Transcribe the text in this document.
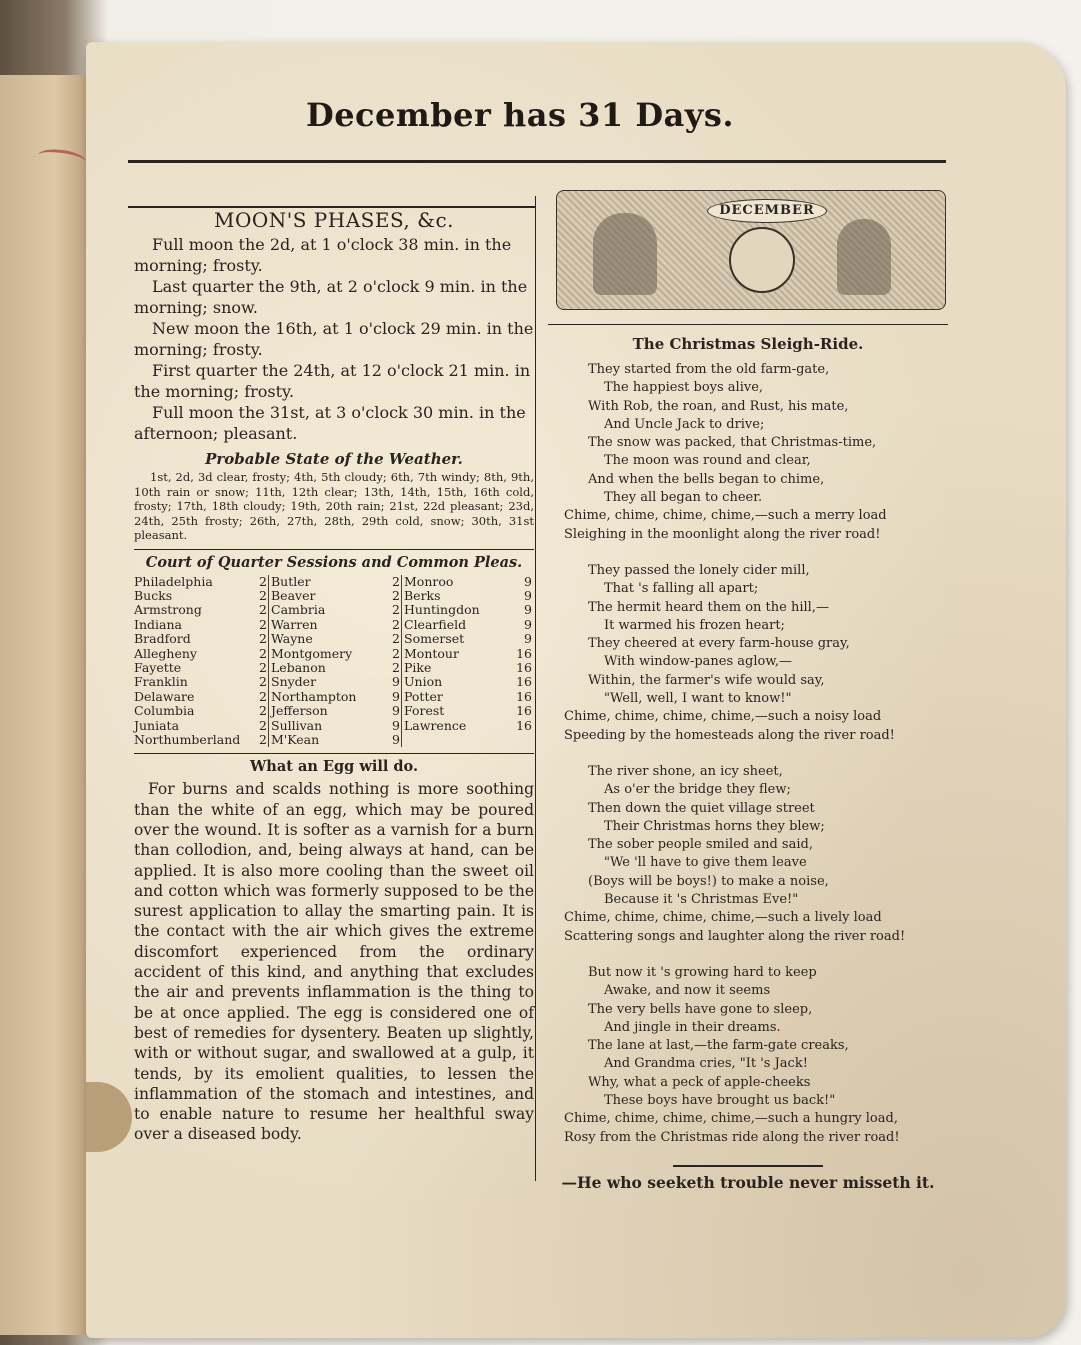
December has 31 Days.
MOON'S PHASES, &c.

Full moon the 2d, at 1 o'clock 38 min. in the morning; frosty.

Last quarter the 9th, at 2 o'clock 9 min. in the morning; snow.

New moon the 16th, at 1 o'clock 29 min. in the morning; frosty.

First quarter the 24th, at 12 o'clock 21 min. in the morning; frosty.

Full moon the 31st, at 3 o'clock 30 min. in the afternoon; pleasant.

Probable State of the Weather.

1st, 2d, 3d clear, frosty; 4th, 5th cloudy; 6th, 7th windy; 8th, 9th, 10th rain or snow; 11th, 12th clear; 13th, 14th, 15th, 16th cold, frosty; 17th, 18th cloudy; 19th, 20th rain; 21st, 22d pleasant; 23d, 24th, 25th frosty; 26th, 27th, 28th, 29th cold, snow; 30th, 31st pleasant.

Court of Quarter Sessions and Common Pleas.
Philadelphia	2
Bucks	2
Armstrong	2
Indiana	2
Bradford	2
Allegheny	2
Fayette	2
Franklin	2
Delaware	2
Columbia	2
Juniata	2
Northumberland 2
Butler	2
Beaver	2
Cambria	2
Warren	2
Wayne	2
Montgomery	2
Lebanon	2
Snyder	9
Northampton	9
Jefferson	9
Sullivan	9
M'Kean	9
Monroo	9
Berks	9
Huntingdon	9
Clearfield	9
Somerset	9
Montour	16
Pike	16
Union	16
Potter	16
Forest	16
Lawrence	16
What an Egg will do.

For burns and scalds nothing is more soothing than the white of an egg, which may be poured over the wound. It is softer as a varnish for a burn than collodion, and, being always at hand, can be applied. It is also more cooling than the sweet oil and cotton which was formerly supposed to be the surest application to allay the smarting pain. It is the contact with the air which gives the extreme discomfort experienced from the ordinary accident of this kind, and anything that excludes the air and prevents inflammation is the thing to be at once applied. The egg is considered one of best of remedies for dysentery. Beaten up slightly, with or without sugar, and swallowed at a gulp, it tends, by its emolient qualities, to lessen the inflammation of the stomach and intestines, and to enable nature to resume her healthful sway over a diseased body.

DECEMBER
The Christmas Sleigh-Ride.
They started from the old farm-gate,
The happiest boys alive,
With Rob, the roan, and Rust, his mate,
And Uncle Jack to drive;
The snow was packed, that Christmas-time,
The moon was round and clear,
And when the bells began to chime,
They all began to cheer.
Chime, chime, chime, chime,—such a merry load
Sleighing in the moonlight along the river road!
They passed the lonely cider mill,
That 's falling all apart;
The hermit heard them on the hill,—
It warmed his frozen heart;
They cheered at every farm-house gray,
With window-panes aglow,—
Within, the farmer's wife would say,
"Well, well, I want to know!"
Chime, chime, chime, chime,—such a noisy load
Speeding by the homesteads along the river road!
The river shone, an icy sheet,
As o'er the bridge they flew;
Then down the quiet village street
Their Christmas horns they blew;
The sober people smiled and said,
"We 'll have to give them leave
(Boys will be boys!) to make a noise,
Because it 's Christmas Eve!"
Chime, chime, chime, chime,—such a lively load
Scattering songs and laughter along the river road!
But now it 's growing hard to keep
Awake, and now it seems
The very bells have gone to sleep,
And jingle in their dreams.
The lane at last,—the farm-gate creaks,
And Grandma cries, "It 's Jack!
Why, what a peck of apple-cheeks
These boys have brought us back!"
Chime, chime, chime, chime,—such a hungry load,
Rosy from the Christmas ride along the river road!
—He who seeketh trouble never misseth it.
